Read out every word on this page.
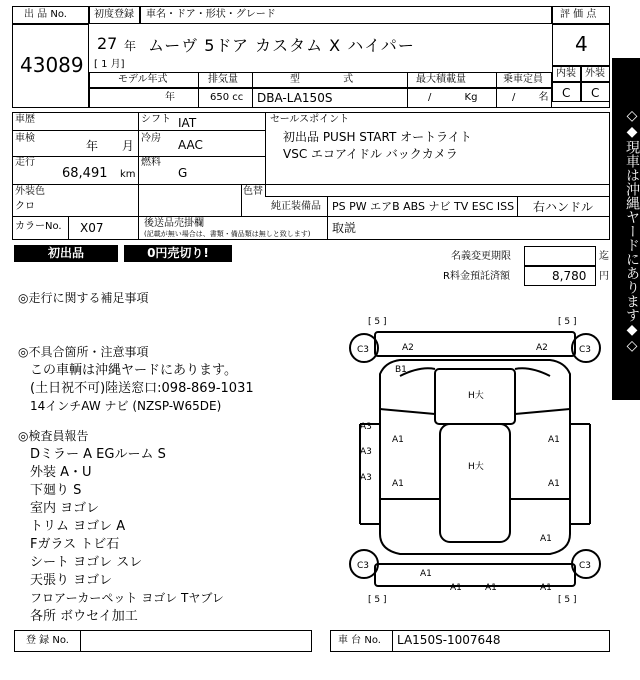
出 品 No.
43089
初度登録 車名・ドア・形状・グレード
27 年
[ 1 月]
ムーヴ 5ドア カスタム X ハイパー
評 価 点
4
内装 外装
C C
モデル年式	排気量	型 式	最大積載量	乗車定員
年	650 cc DBA-LA150S	/ Kg	/ 名
車歴	シフト IAT
車検
年 月
冷房 AAC
走行
68,491 km
燃料
G
セールスポイント
初出品 PUSH START オートライト
VSC エコアイドル バックカメラ
外装色
クロ
色替
純正装備品 PS PW エアB ABS ナビ TV ESC ISS 右ハンドル
カラーNo. X07	後送品売掛欄
(記載が無い場合は、書類・備品類は無しと致します) 取説
初出品	0円売切り!	名義変更期限	迄
R料金預託済額	8,780 円
◎走行に関する補足事項
◎不具合箇所・注意事項
この車輌は沖縄ヤードにあります。
(土日祝不可)陸送窓口:098-869-1031
14インチAW ナビ (NZSP-W65DE)
◎検査員報告
Dミラー A EGルーム S
外装 A・U
下廻り S
室内 ヨゴレ
トリム ヨゴレ A
Fガラス トビ石
シート ヨゴレ スレ
天張り ヨゴレ
フロアーカーペット ヨゴレ Tヤブレ
各所 ボウセイ加工
[ 5 ]	[ 5 ]
[ 5 ]	[ 5 ]
C3	A2	A2	C3
B1
H大
A3
A3
A1	A1
A1	A1
H大
A3
A1
A1
C3
A1	A1	A1
C3
◇◆現車は沖縄ヤードにあります◆◇
登 録 No.	車 台 No. LA150S-1007648
